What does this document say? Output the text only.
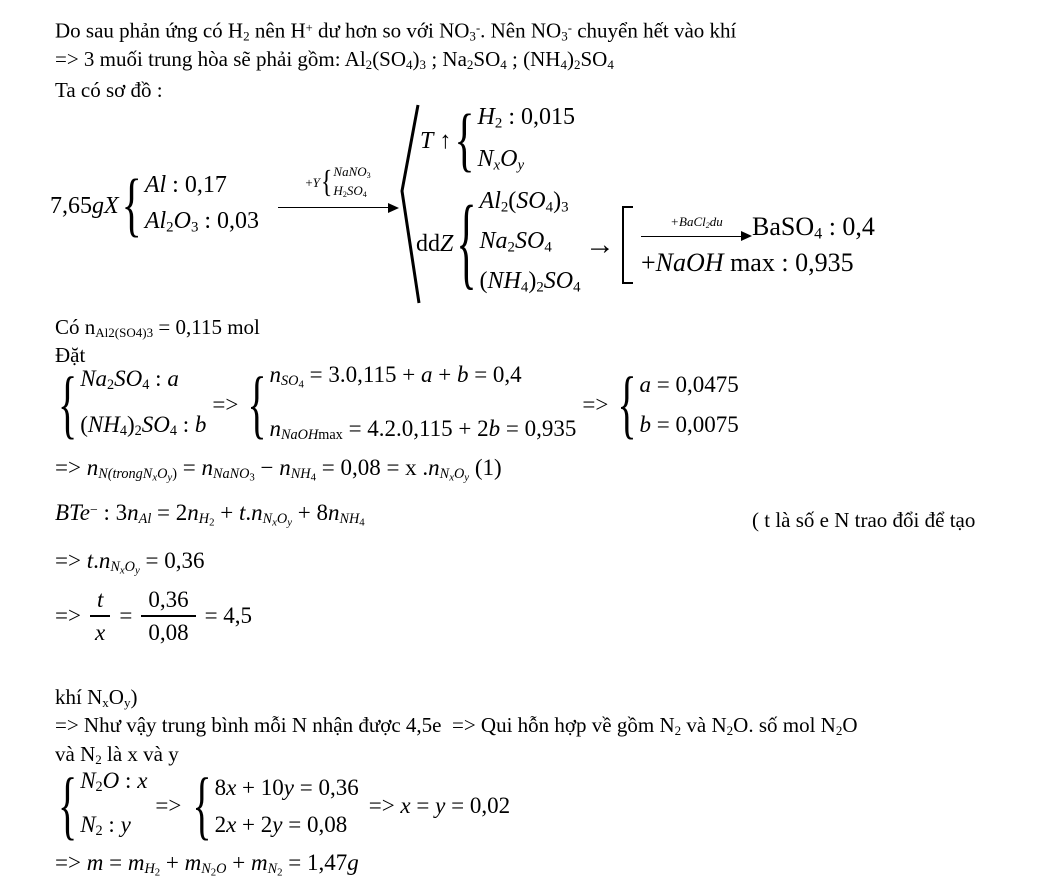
Do sau phản ứng có H2 nên H+ dư hơn so với NO3-. Nên NO3- chuyển hết vào khí
=> 3 muối trung hòa sẽ phải gồm: Al2(SO4)3 ; Na2SO4 ; (NH4)2SO4
Ta có sơ đồ :
7,65gX { Al : 0,17
Al2O3 : 0,03
+Y { NaNO3
H2SO4
T ↑ { H2 : 0,015
NxOy
ddZ { Al2(SO4)3
Na2SO4
(NH4)2SO4
→
+BaCl2du BaSO4 : 0,4
+NaOH max : 0,935
Có nAl2(SO4)3 = 0,115 mol
Đặt
{ Na2SO4 : a
(NH4)2SO4 : b
=> { nSO$_4$ = 3.0,115 + a + b = 0,4
nNaOHmax = 4.2.0,115 + 2b = 0,935
=> { a = 0,0475
b = 0,0075
=> $nN(trongN_xO_y)$ = nNaNO$_3$ − nNH$_4$ = 0,08 = x $.nN_xO_y$ (1)
BTe− : $3nAl = 2nH_2 + t.nN_xO_y + 8nNH_4$	( t là số e N trao đổi để tạo
=> $t.nN_xO_y = 0,36$
=> $\frac{t}{x} = \frac{0,36}{0,08} = 4,5$
khí NxOy)
=> Như vậy trung bình mỗi N nhận được 4,5e  => Qui hỗn hợp về gồm N2 và N2O. số mol N2O
và N2 là x và y
{ N2O : x
N2 : y
=> { 8x + 10y = 0,36
2x + 2y = 0,08
=> x = y = 0,02
=> $m = mH_2 + mN_2O + mN_2 = 1,47g$
